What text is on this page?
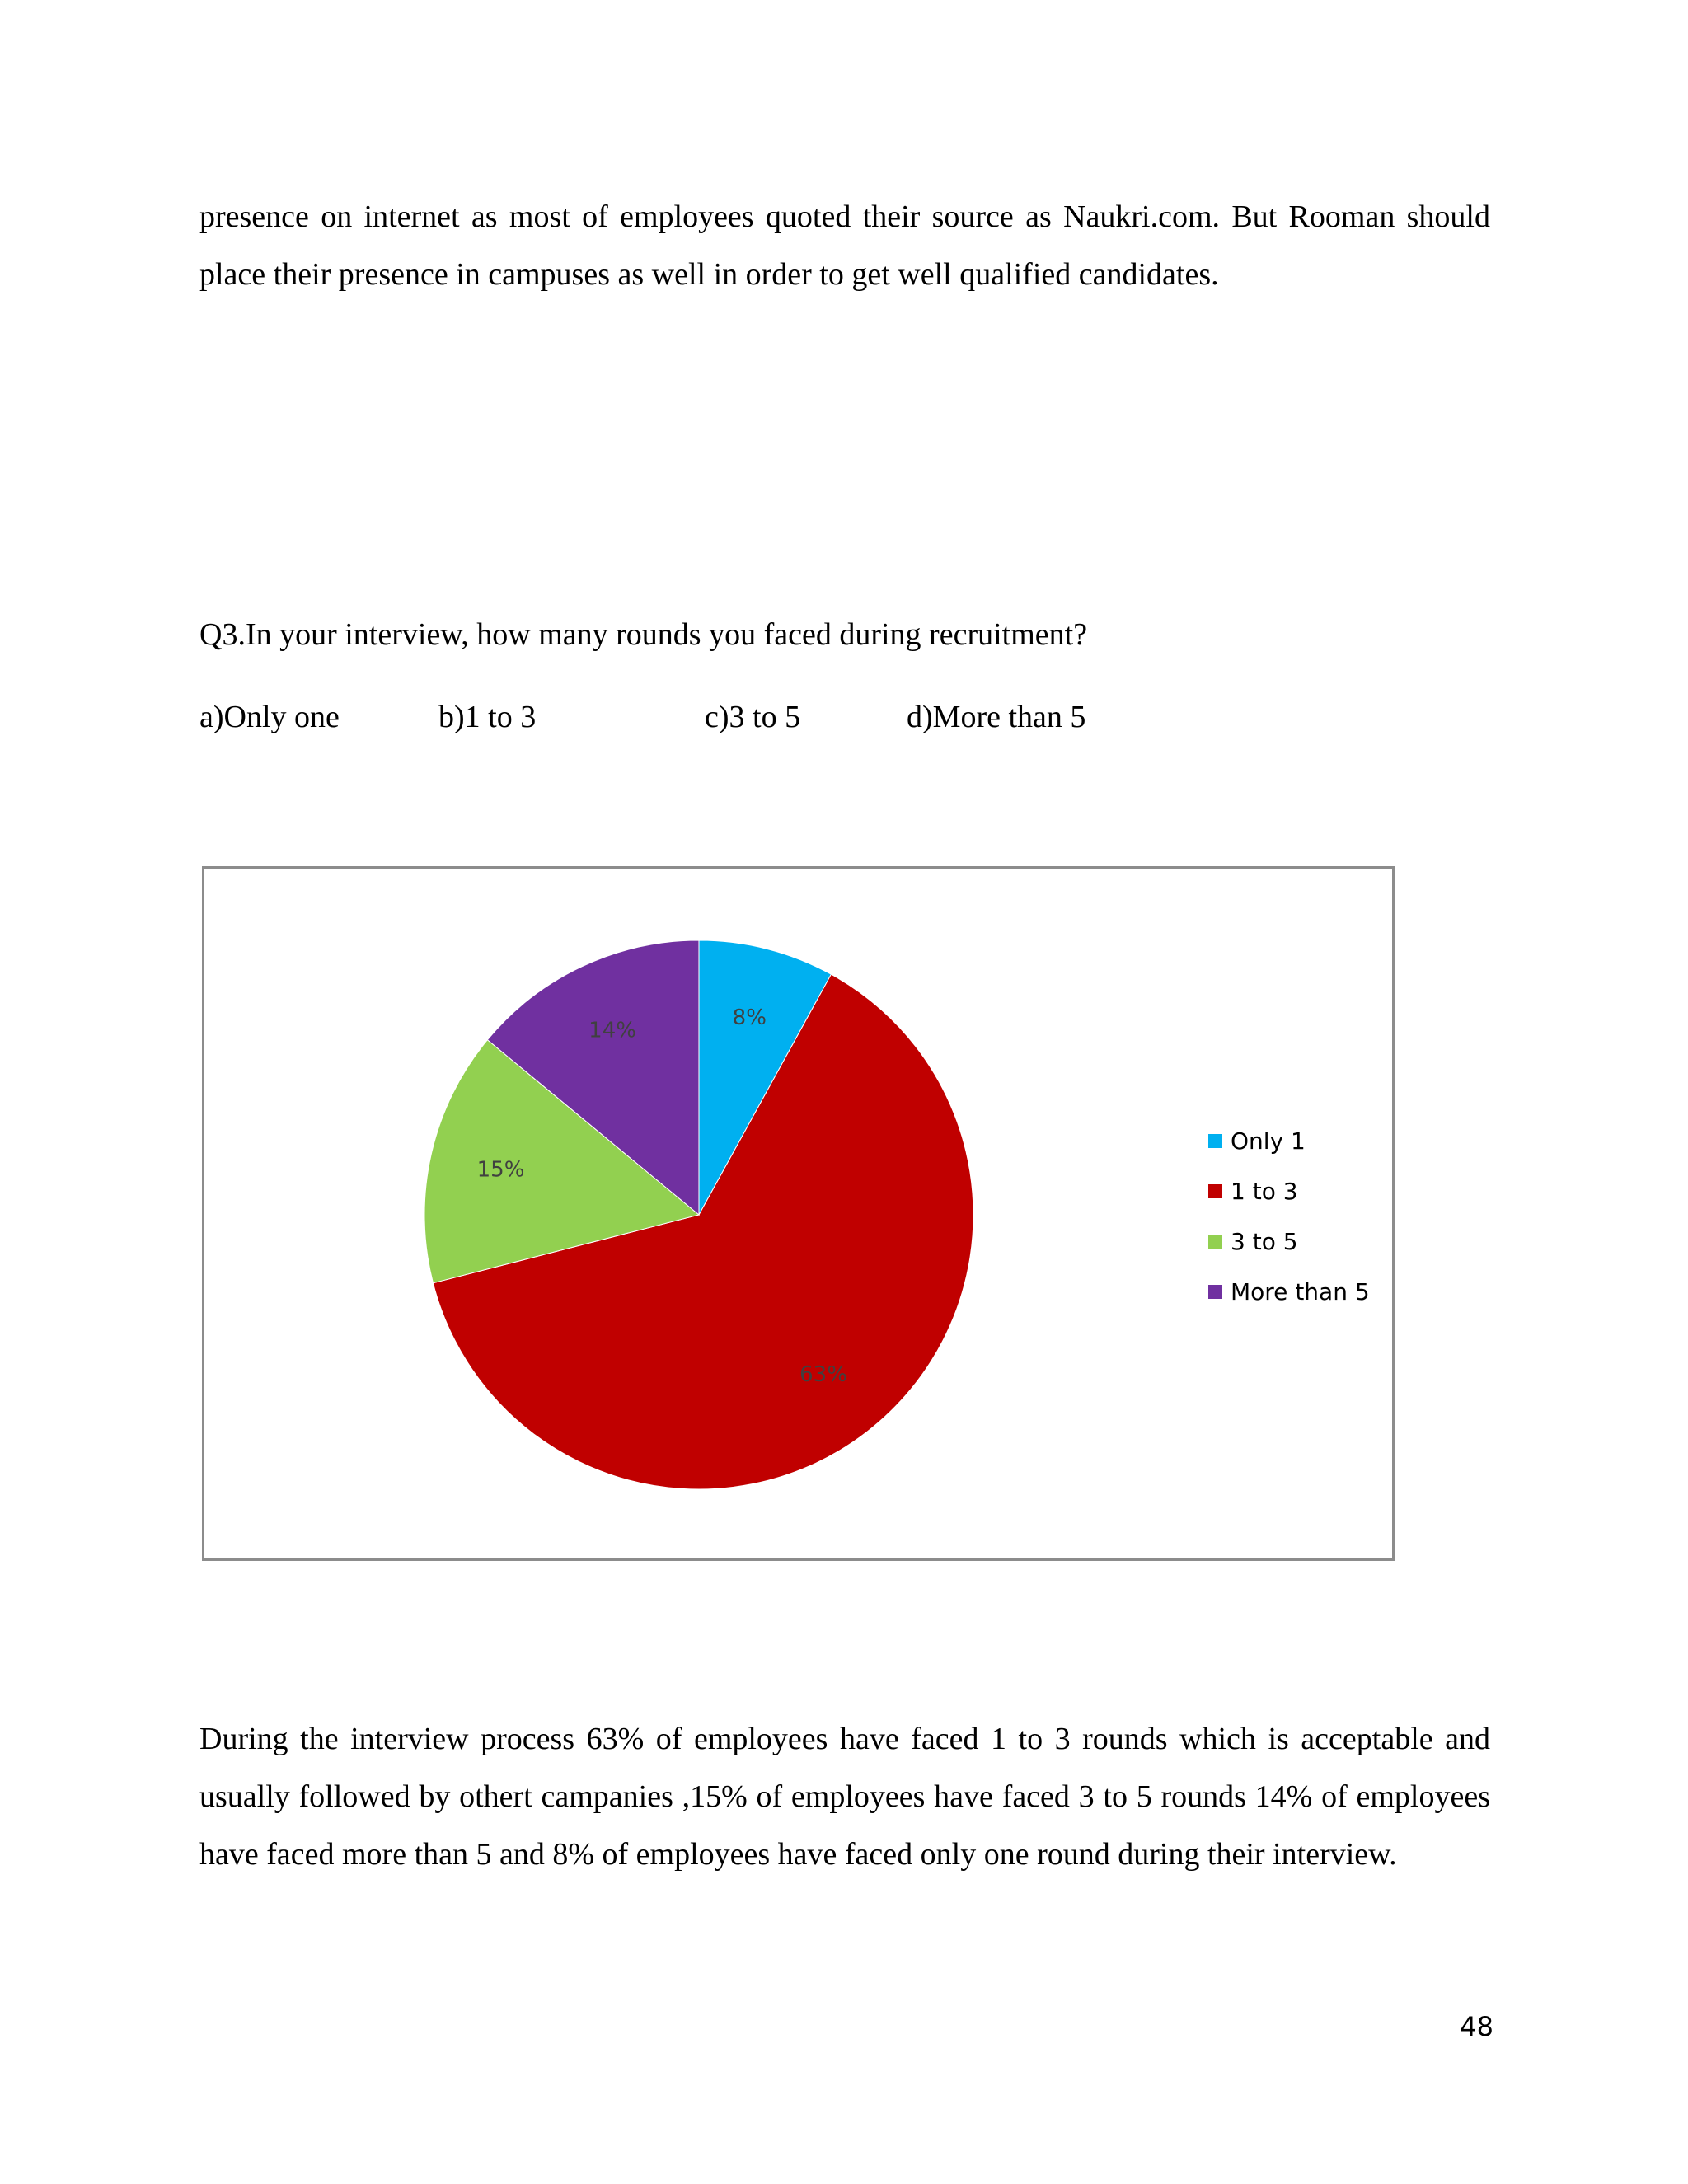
presence on internet as most of employees quoted their source as Naukri.com. But Rooman should place their presence in campuses as well in order to get well qualified candidates.

Q3.In your interview, how many rounds you faced during recruitment?

a)Only one	b)1 to 3	c)3 to 5	d)More than 5
8%
63%
15%
14%
Only 1
1 to 3
3 to 5
More than 5

During the interview process 63% of employees have faced 1 to 3 rounds which is acceptable and usually followed by othert campanies ,15% of employees have faced 3 to 5 rounds 14% of employees have faced more than 5 and 8% of employees have faced only one round during their interview.

48
